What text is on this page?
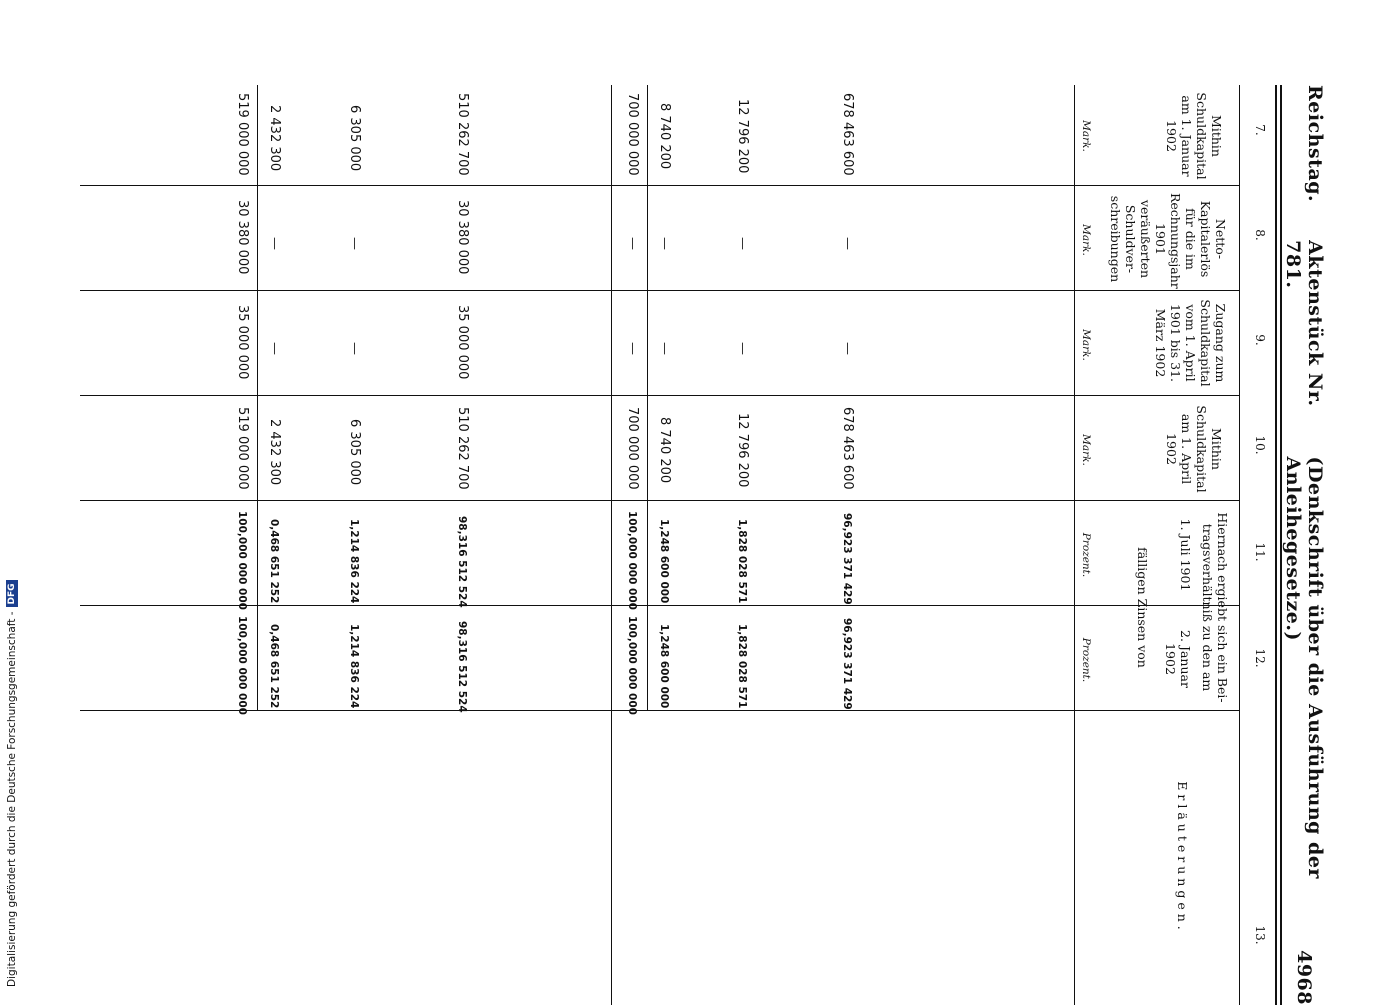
Reichstag.
Aktenstück Nr. 781.
(Denkschrift über die Ausführung der Anleihegesetze.)
4968
7.
8.
9.
10.
11.
12.
13.
Mithin Schuldkapital am 1. Januar 1902
Netto-Kapitalerlös für die im Rechnungsjahr 1901 veräußerten Schuldver-schreibungen
Zugang zum Schuldkapital vom 1. April 1901 bis 31. März 1902
Mithin Schuldkapital am 1. April 1902
Hiernach ergiebt sich ein Bei-tragsverhältniß zu den am
1. Juli 1901
2. Januar 1902
fälligen Zinsen von
Erläuterungen.
Mark.
Mark.
Mark.
Mark.
Prozent.
Prozent.
678 463 600
—
—
678 463 600
96,923 371 429
96,923 371 429
12 796 200
—
—
12 796 200
1,828 028 571
1,828 028 571
8 740 200
—
—
8 740 200
1,248 600 000
1,248 600 000
700 000 000
—
—
700 000 000
100,000 000 000
100,000 000 000
510 262 700
30 380 000
35 000 000
510 262 700
98,316 512 524
98,316 512 524
6 305 000
—
—
6 305 000
1,214 836 224
1,214 836 224
2 432 300
—
—
2 432 300
0,468 651 252
0,468 651 252
519 000 000
30 380 000
35 000 000
519 000 000
100,000 000 000
100,000 000 000
Digitalisierung gefördert durch die Deutsche Forschungsgemeinschaft -
DFG
